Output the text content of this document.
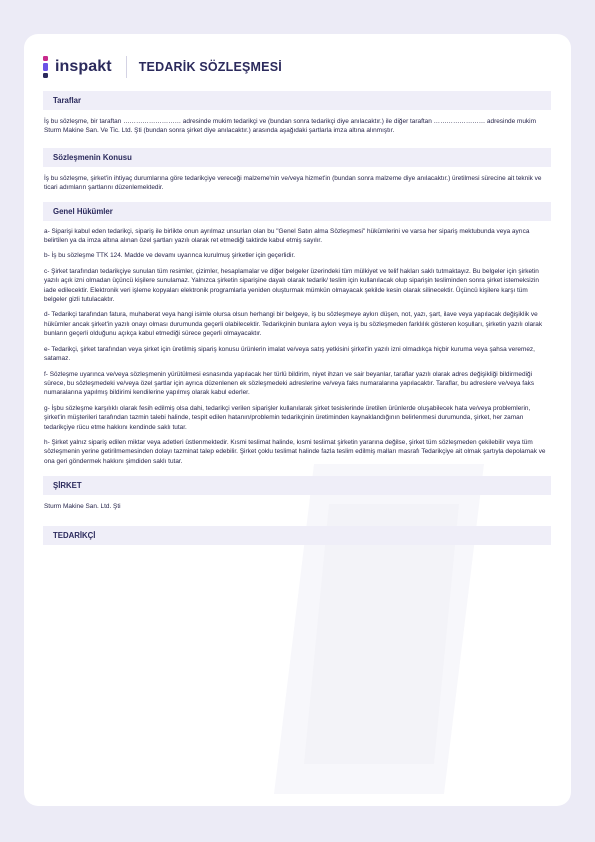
inspakt TEDARİK SÖZLEŞMESİ
Taraflar

İş bu sözleşme, bir taraftan ……………………… adresinde mukim tedarikçi ve (bundan sonra tedarikçi diye anılacaktır.) ile diğer taraftan …………………… adresinde mukim Sturm Makine San. Ve Tic. Ltd. Şti (bundan sonra şirket diye anılacaktır.) arasında aşağıdaki şartlarla imza altına alınmıştır.

Sözleşmenin Konusu

İş bu sözleşme, şirket'in ihtiyaç durumlarına göre tedarikçiye vereceği malzeme'nin ve/veya hizmet'in (bundan sonra malzeme diye anılacaktır.) üretilmesi sürecine ait teknik ve ticari adımların şartlarını düzenlemektedir.

Genel Hükümler

a- Siparişi kabul eden tedarikçi, sipariş ile birlikte onun ayrılmaz unsurları olan bu "Genel Satın alma Sözleşmesi" hükümlerini ve varsa her sipariş mektubunda veya ayrıca belirtilen ya da imza altına alınan özel şartları yazılı olarak ret etmediği taktirde kabul etmiş sayılır.

b- İş bu sözleşme TTK 124. Madde ve devamı uyarınca kurulmuş şirketler için geçerlidir.

c- Şirket tarafından tedarikçiye sunulan tüm resimler, çizimler, hesaplamalar ve diğer belgeler üzerindeki tüm mülkiyet ve telif hakları saklı tutmaktayız. Bu belgeler için şirketin yazılı açık izni olmadan üçüncü kişilere sunulamaz. Yalnızca şirketin siparişine dayalı olarak tedarik/ teslim için kullanılacak olup siparişin tesliminden sonra şirket istemeksizin iade edilecektir. Elektronik veri işleme kopyaları elektronik programlarla yeniden oluşturmak mümkün olmayacak şekilde kesin olarak silinecektir. Üçüncü kişilere karşı tüm belgeler gizli tutulacaktır.

d- Tedarikçi tarafından fatura, muhaberat veya hangi isimle olursa olsun herhangi bir belgeye, iş bu sözleşmeye aykırı düşen, not, yazı, şart, ilave veya yapılacak değişiklik ve hükümler ancak şirket'in yazılı onayı olması durumunda geçerli olabilecektir. Tedarikçinin bunlara aykırı veya iş bu sözleşmeden farklılık gösteren koşulları, şirketin yazılı olarak bunların geçerli olduğunu açıkça kabul etmediği sürece geçerli olmayacaktır.

e- Tedarikçi, şirket tarafından veya şirket için üretilmiş sipariş konusu ürünlerin imalat ve/veya satış yetkisini şirket'in yazılı izni olmadıkça hiçbir kuruma veya şahsa veremez, satamaz.

f- Sözleşme uyarınca ve/veya sözleşmenin yürütülmesi esnasında yapılacak her türlü bildirim, niyet ihzarı ve sair beyanlar, taraflar yazılı olarak adres değişikliği bildirmediği sürece, bu sözleşmedeki ve/veya özel şartlar için ayrıca düzenlenen ek sözleşmedeki adreslerine ve/veya faks numaralarına yapılacaktır. Taraflar, bu adreslere ve/veya faks numaralarına yapılmış bildirimi kendilerine yapılmış olarak kabul ederler.

g- İşbu sözleşme karşılıklı olarak fesih edilmiş olsa dahi, tedarikçi verilen siparişler kullanılarak şirket tesislerinde üretilen ürünlerde oluşabilecek hata ve/veya problemlerin, şirket'in müşterileri tarafından tazmin talebi halinde, tespit edilen hatanın/problemin tedarikçinin üretiminden kaynaklandığının belirlenmesi durumunda, şirket, her zaman tedarikçiye rücu etme hakkını kendinde saklı tutar.

h- Şirket yalnız sipariş edilen miktar veya adetleri üstlenmektedir. Kısmi teslimat halinde, kısmi teslimat şirketin yararına değilse, şirket tüm sözleşmeden çekilebilir veya tüm sözleşmenin yerine getirilmemesinden dolayı tazminat talep edebilir. Şirket çoklu teslimat halinde fazla teslim edilmiş malları masrafı Tedarikçiye ait olmak şartıyla depolamak ve ona geri göndermek hakkını şimdiden saklı tutar.

ŞİRKET

Sturm Makine San. Ltd. Şti

TEDARİKÇİ
